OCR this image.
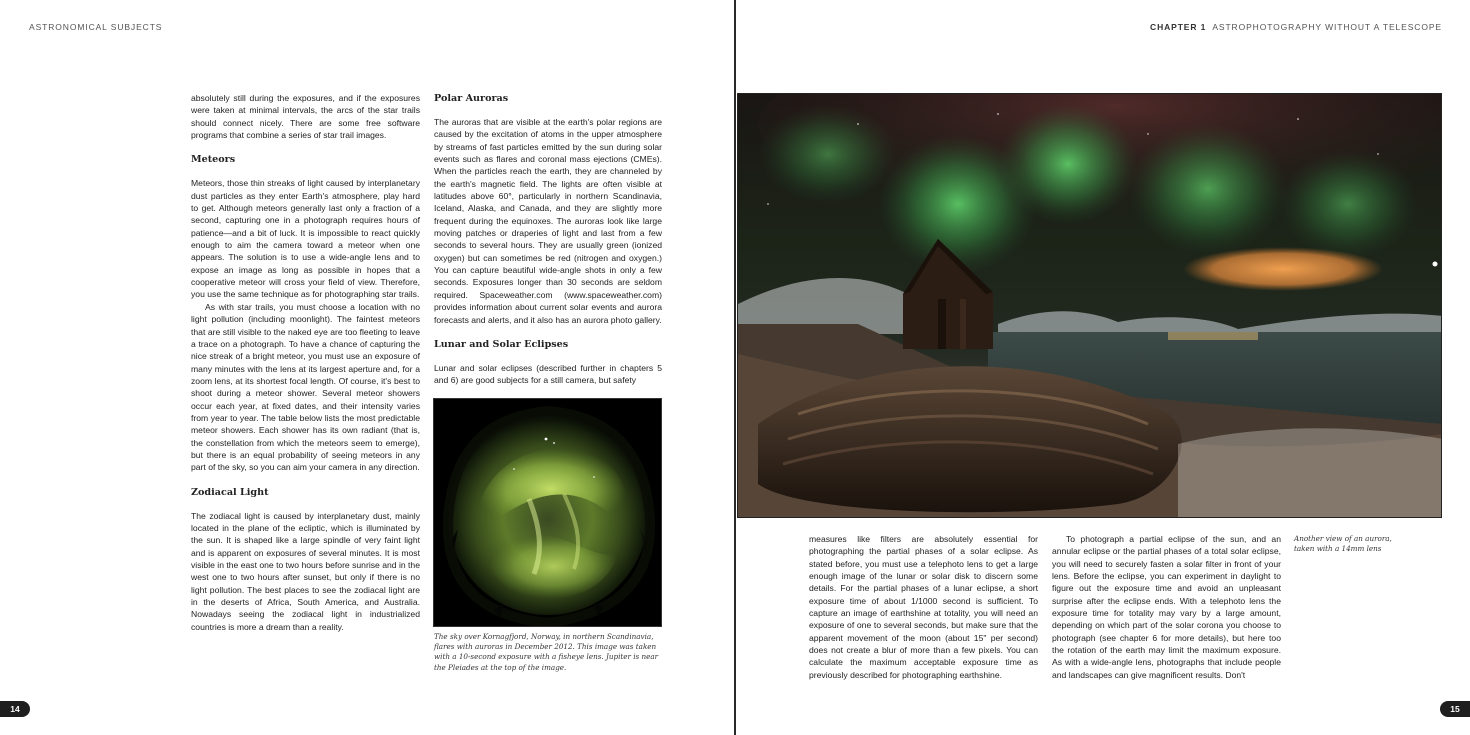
ASTRONOMICAL SUBJECTS

absolutely still during the exposures, and if the exposures were taken at minimal intervals, the arcs of the star trails should connect nicely. There are some free software programs that combine a series of star trail images.

Meteors

Meteors, those thin streaks of light caused by interplanetary dust particles as they enter Earth's atmosphere, play hard to get. Although meteors generally last only a fraction of a second, capturing one in a photograph requires hours of patience—and a bit of luck. It is impossible to react quickly enough to aim the camera toward a meteor when one appears. The solution is to use a wide-angle lens and to expose an image as long as possible in hopes that a cooperative meteor will cross your field of view. Therefore, you use the same technique as for photographing star trails.

As with star trails, you must choose a location with no light pollution (including moonlight). The faintest meteors that are still visible to the naked eye are too fleeting to leave a trace on a photograph. To have a chance of capturing the nice streak of a bright meteor, you must use an exposure of many minutes with the lens at its largest aperture and, for a zoom lens, at its shortest focal length. Of course, it's best to shoot during a meteor shower. Several meteor showers occur each year, at fixed dates, and their intensity varies from year to year. The table below lists the most predictable meteor showers. Each shower has its own radiant (that is, the constellation from which the meteors seem to emerge), but there is an equal probability of seeing meteors in any part of the sky, so you can aim your camera in any direction.

Zodiacal Light

The zodiacal light is caused by interplanetary dust, mainly located in the plane of the ecliptic, which is illuminated by the sun. It is shaped like a large spindle of very faint light and is apparent on exposures of several minutes. It is most visible in the east one to two hours before sunrise and in the west one to two hours after sunset, but only if there is no light pollution. The best places to see the zodiacal light are in the deserts of Africa, South America, and Australia. Nowadays seeing the zodiacal light in industrialized countries is more a dream than a reality.

Polar Auroras

The auroras that are visible at the earth's polar regions are caused by the excitation of atoms in the upper atmosphere by streams of fast particles emitted by the sun during solar events such as flares and coronal mass ejections (CMEs). When the particles reach the earth, they are channeled by the earth's magnetic field. The lights are often visible at latitudes above 60°, particularly in northern Scandinavia, Iceland, Alaska, and Canada, and they are slightly more frequent during the equinoxes. The auroras look like large moving patches or draperies of light and last from a few seconds to several hours. They are usually green (ionized oxygen) but can sometimes be red (nitrogen and oxygen.) You can capture beautiful wide-angle shots in only a few seconds. Exposures longer than 30 seconds are seldom required. Spaceweather.com (www.spaceweather.com) provides information about current solar events and aurora forecasts and alerts, and it also has an aurora photo gallery.

Lunar and Solar Eclipses

Lunar and solar eclipses (described further in chapters 5 and 6) are good subjects for a still camera, but safety

The sky over Kornagfjord, Norway, in northern Scandinavia, flares with auroras in December 2012. This image was taken with a 10-second exposure with a fisheye lens. Jupiter is near the Pleiades at the top of the image.
14
CHAPTER 1 ASTROPHOTOGRAPHY WITHOUT A TELESCOPE

measures like filters are absolutely essential for photographing the partial phases of a solar eclipse. As stated before, you must use a telephoto lens to get a large enough image of the lunar or solar disk to discern some details. For the partial phases of a lunar eclipse, a short exposure time of about 1/1000 second is sufficient. To capture an image of earthshine at totality, you will need an exposure of one to several seconds, but make sure that the apparent movement of the moon (about 15" per second) does not create a blur of more than a few pixels. You can calculate the maximum acceptable exposure time as previously described for photographing earthshine.

To photograph a partial eclipse of the sun, and an annular eclipse or the partial phases of a total solar eclipse, you will need to securely fasten a solar filter in front of your lens. Before the eclipse, you can experiment in daylight to figure out the exposure time and avoid an unpleasant surprise after the eclipse ends. With a telephoto lens the exposure time for totality may vary by a large amount, depending on which part of the solar corona you choose to photograph (see chapter 6 for more details), but here too the rotation of the earth may limit the maximum exposure. As with a wide-angle lens, photographs that include people and landscapes can give magnificent results. Don't

Another view of an aurora, taken with a 14mm lens
15
